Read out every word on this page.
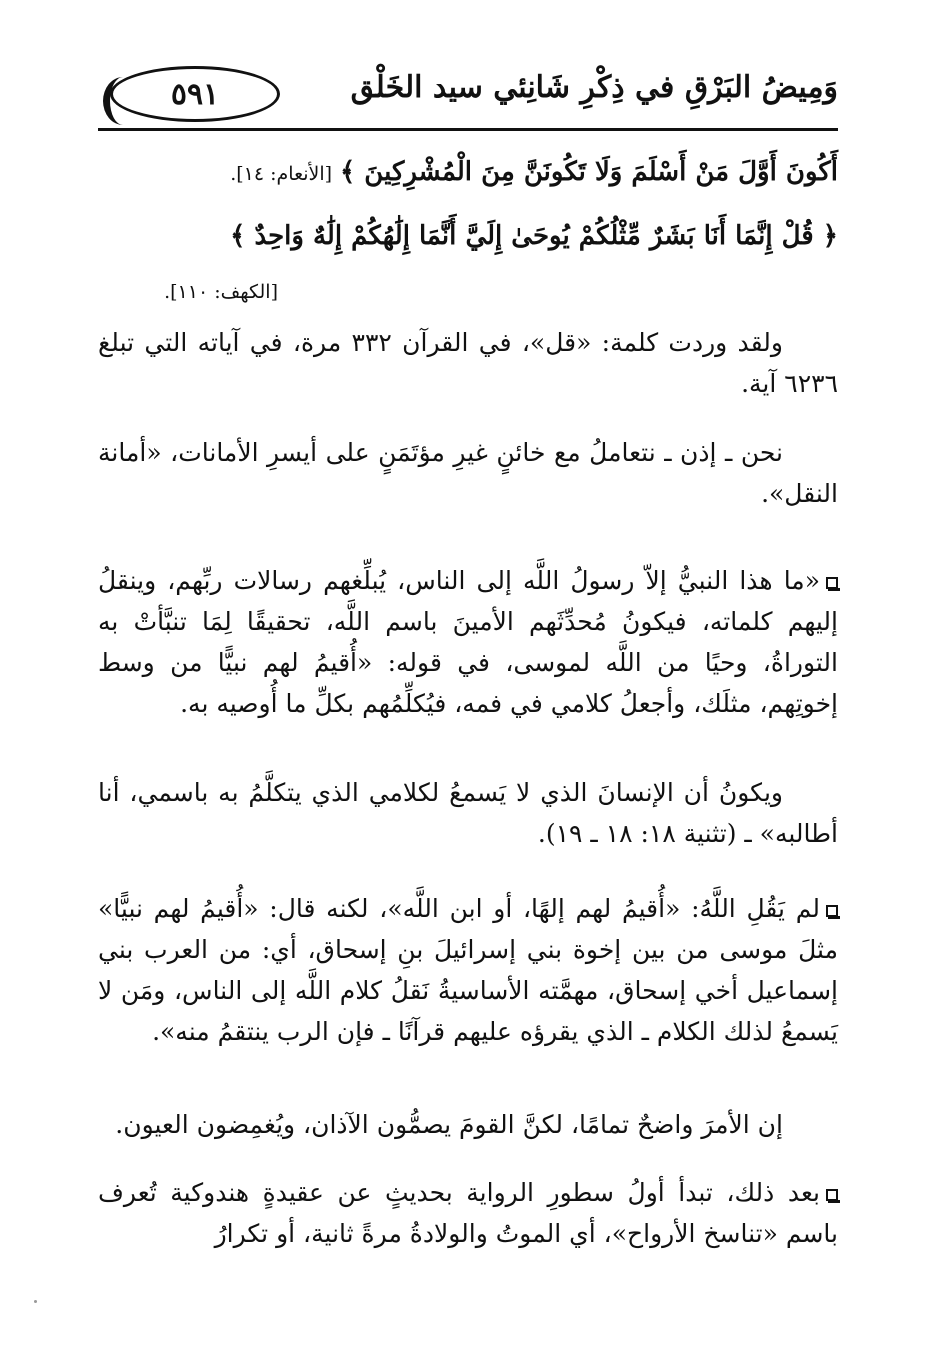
٥٩١	وَمِيضُ البَرْقِ في ذِكْرِ شَانِئي سيد الخَلْق
أَكُونَ أَوَّلَ مَنْ أَسْلَمَ وَلَا تَكُونَنَّ مِنَ الْمُشْرِكِينَ ﴾ [الأنعام: ١٤].
﴿ قُلْ إِنَّمَا أَنَا بَشَرٌ مِّثْلُكُمْ يُوحَىٰ إِلَيَّ أَنَّمَا إِلَٰهُكُمْ إِلَٰهٌ وَاحِدٌ ﴾
[الكهف: ١١٠].
ولقد وردت كلمة: «قل»، في القرآن ٣٣٢ مرة، في آياته التي تبلغ ٦٢٣٦ آية.
نحن ـ إذن ـ نتعاملُ مع خائنٍ غيرِ مؤتَمَنٍ على أيسرِ الأمانات، «أمانة النقل».
«ما هذا النبيُّ إلاّ رسولُ اللَّه إلى الناس، يُبلِّغهم رسالات ربِّهم، وينقلُ إليهم كلماته، فيكونُ مُحدِّثَهم الأمينَ باسم اللَّه، تحقيقًا لِمَا تنبَّأتْ به التوراةُ، وحيًا من اللَّه لموسى، في قوله: «أُقيمُ لهم نبيًّا من وسط إخوتِهم، مثلَك، وأجعلُ كلامي في فمه، فيُكلِّمُهم بكلِّ ما أُوصيه به.
ويكونُ أن الإنسانَ الذي لا يَسمعُ لكلامي الذي يتكلَّمُ به باسمي، أنا أطالبه» ـ (تثنية ١٨: ١٨ ـ ١٩).
لم يَقُلِ اللَّهُ: «أُقيمُ لهم إلهًا، أو ابن اللَّه»، لكنه قال: «أُقيمُ لهم نبيًّا» مثلَ موسى من بين إخوة بني إسرائيلَ بنِ إسحاق، أي: من العرب بني إسماعيل أخي إسحاق، مهمَّته الأساسيةُ نَقلُ كلام اللَّه إلى الناس، ومَن لا يَسمعُ لذلك الكلام ـ الذي يقرؤه عليهم قرآنًا ـ فإن الرب ينتقمُ منه».
إن الأمرَ واضحٌ تمامًا، لكنَّ القومَ يصمُّون الآذان، ويُغمِضون العيون.
بعد ذلك، تبدأ أولُ سطورِ الرواية بحديثٍ عن عقيدةٍ هندوكية تُعرف باسم «تناسخ الأرواح»، أي الموتُ والولادةُ مرةً ثانية، أو تكرارُ
